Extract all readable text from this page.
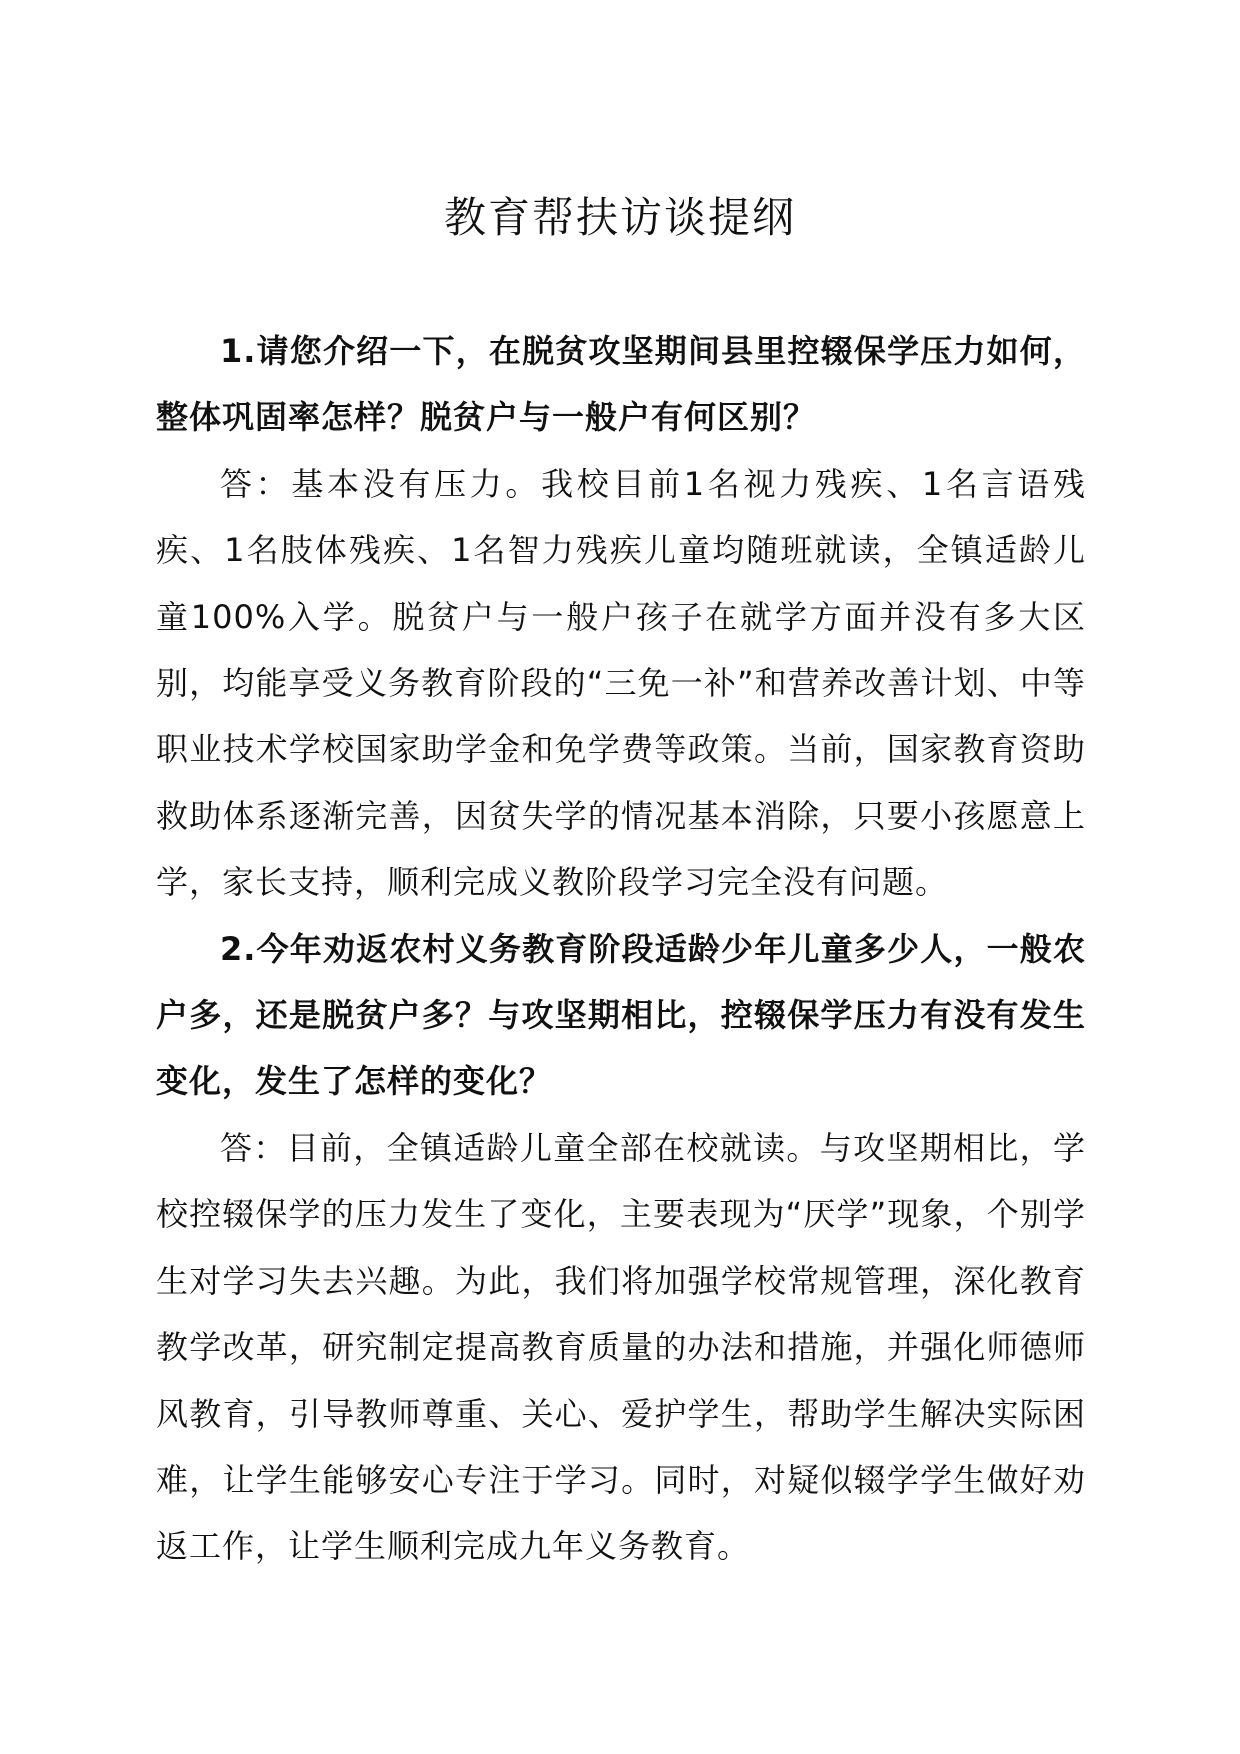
教育帮扶访谈提纲

1.请您介绍一下，在脱贫攻坚期间县里控辍保学压力如何，整体巩固率怎样？脱贫户与一般户有何区别？

答：基本没有压力。我校目前1名视力残疾、1名言语残疾、1名肢体残疾、1名智力残疾儿童均随班就读，全镇适龄儿童100%入学。脱贫户与一般户孩子在就学方面并没有多大区别，均能享受义务教育阶段的“三免一补”和营养改善计划、中等职业技术学校国家助学金和免学费等政策。当前，国家教育资助救助体系逐渐完善，因贫失学的情况基本消除，只要小孩愿意上学，家长支持，顺利完成义教阶段学习完全没有问题。

2.今年劝返农村义务教育阶段适龄少年儿童多少人，一般农户多，还是脱贫户多？与攻坚期相比，控辍保学压力有没有发生变化，发生了怎样的变化？

答：目前，全镇适龄儿童全部在校就读。与攻坚期相比，学校控辍保学的压力发生了变化，主要表现为“厌学”现象，个别学生对学习失去兴趣。为此，我们将加强学校常规管理，深化教育教学改革，研究制定提高教育质量的办法和措施，并强化师德师风教育，引导教师尊重、关心、爱护学生，帮助学生解决实际困难，让学生能够安心专注于学习。同时，对疑似辍学学生做好劝返工作，让学生顺利完成九年义务教育。
